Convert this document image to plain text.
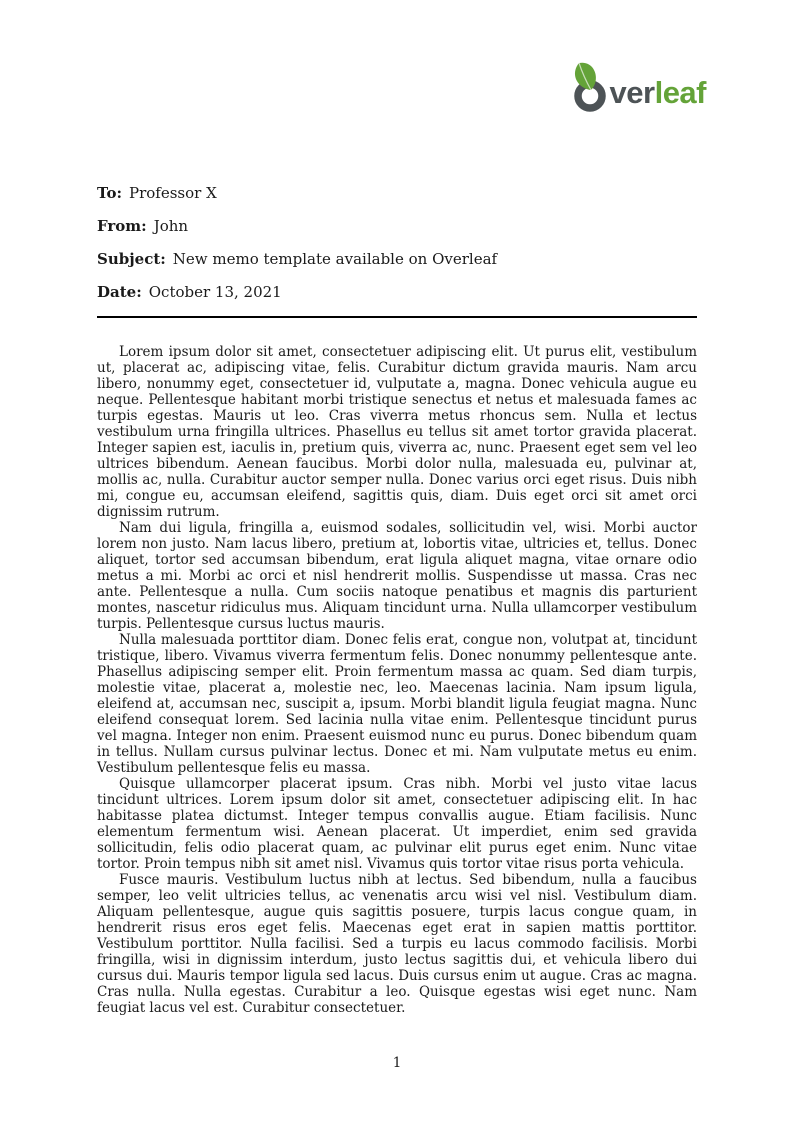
verleaf
To: Professor X
From: John
Subject: New memo template available on Overleaf
Date: October 13, 2021

Lorem ipsum dolor sit amet, consectetuer adipiscing elit. Ut purus elit, vestibulum ut, placerat ac, adipiscing vitae, felis. Curabitur dictum gravida mauris. Nam arcu libero, nonummy eget, consectetuer id, vulputate a, magna. Donec vehicula augue eu neque. Pellentesque habitant morbi tristique senectus et netus et malesuada fames ac turpis egestas. Mauris ut leo. Cras viverra metus rhoncus sem. Nulla et lectus vestibulum urna fringilla ultrices. Phasellus eu tellus sit amet tortor gravida placerat. Integer sapien est, iaculis in, pretium quis, viverra ac, nunc. Praesent eget sem vel leo ultrices bibendum. Aenean faucibus. Morbi dolor nulla, malesuada eu, pulvinar at, mollis ac, nulla. Curabitur auctor semper nulla. Donec varius orci eget risus. Duis nibh mi, congue eu, accumsan eleifend, sagittis quis, diam. Duis eget orci sit amet orci dignissim rutrum.

Nam dui ligula, fringilla a, euismod sodales, sollicitudin vel, wisi. Morbi auctor lorem non justo. Nam lacus libero, pretium at, lobortis vitae, ultricies et, tellus. Donec aliquet, tortor sed accumsan bibendum, erat ligula aliquet magna, vitae ornare odio metus a mi. Morbi ac orci et nisl hendrerit mollis. Suspendisse ut massa. Cras nec ante. Pellentesque a nulla. Cum sociis natoque penatibus et magnis dis parturient montes, nascetur ridiculus mus. Aliquam tincidunt urna. Nulla ullamcorper vestibulum turpis. Pellentesque cursus luctus mauris.

Nulla malesuada porttitor diam. Donec felis erat, congue non, volutpat at, tincidunt tristique, libero. Vivamus viverra fermentum felis. Donec nonummy pellentesque ante. Phasellus adipiscing semper elit. Proin fermentum massa ac quam. Sed diam turpis, molestie vitae, placerat a, molestie nec, leo. Maecenas lacinia. Nam ipsum ligula, eleifend at, accumsan nec, suscipit a, ipsum. Morbi blandit ligula feugiat magna. Nunc eleifend consequat lorem. Sed lacinia nulla vitae enim. Pellentesque tincidunt purus vel magna. Integer non enim. Praesent euismod nunc eu purus. Donec bibendum quam in tellus. Nullam cursus pulvinar lectus. Donec et mi. Nam vulputate metus eu enim. Vestibulum pellentesque felis eu massa.

Quisque ullamcorper placerat ipsum. Cras nibh. Morbi vel justo vitae lacus tincidunt ultrices. Lorem ipsum dolor sit amet, consectetuer adipiscing elit. In hac habitasse platea dictumst. Integer tempus convallis augue. Etiam facilisis. Nunc elementum fermentum wisi. Aenean placerat. Ut imperdiet, enim sed gravida sollicitudin, felis odio placerat quam, ac pulvinar elit purus eget enim. Nunc vitae tortor. Proin tempus nibh sit amet nisl. Vivamus quis tortor vitae risus porta vehicula.

Fusce mauris. Vestibulum luctus nibh at lectus. Sed bibendum, nulla a faucibus semper, leo velit ultricies tellus, ac venenatis arcu wisi vel nisl. Vestibulum diam. Aliquam pellentesque, augue quis sagittis posuere, turpis lacus congue quam, in hendrerit risus eros eget felis. Maecenas eget erat in sapien mattis porttitor. Vestibulum porttitor. Nulla facilisi. Sed a turpis eu lacus commodo facilisis. Morbi fringilla, wisi in dignissim interdum, justo lectus sagittis dui, et vehicula libero dui cursus dui. Mauris tempor ligula sed lacus. Duis cursus enim ut augue. Cras ac magna. Cras nulla. Nulla egestas. Curabitur a leo. Quisque egestas wisi eget nunc. Nam feugiat lacus vel est. Curabitur consectetuer.

1
